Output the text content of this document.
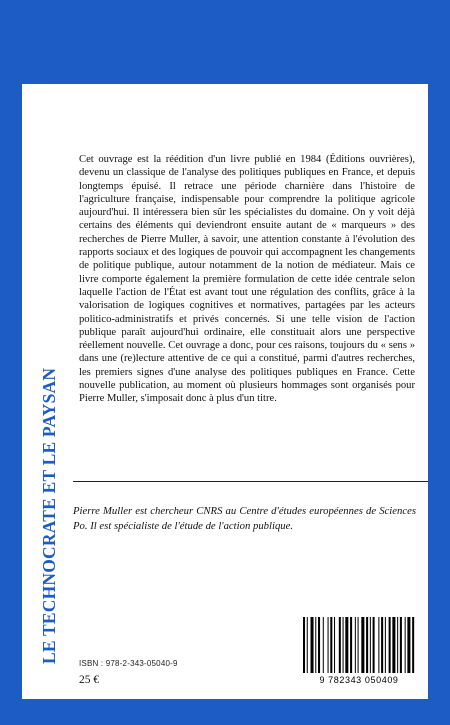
LE TECHNOCRATE ET LE PAYSAN

Cet ouvrage est la réédition d'un livre publié en 1984 (Éditions ouvrières), devenu un classique de l'analyse des politiques publiques en France, et depuis longtemps épuisé. Il retrace une période charnière dans l'histoire de l'agriculture française, indispensable pour comprendre la politique agricole aujourd'hui. Il intéressera bien sûr les spécialistes du domaine. On y voit déjà certains des éléments qui deviendront ensuite autant de « marqueurs » des recherches de Pierre Muller, à savoir, une attention constante à l'évolution des rapports sociaux et des logiques de pouvoir qui accompagnent les changements de politique publique, autour notamment de la notion de médiateur. Mais ce livre comporte également la première formulation de cette idée centrale selon laquelle l'action de l'État est avant tout une régulation des conflits, grâce à la valorisation de logiques cognitives et normatives, partagées par les acteurs politico-administratifs et privés concernés. Si une telle vision de l'action publique paraît aujourd'hui ordinaire, elle constituait alors une perspective réellement nouvelle. Cet ouvrage a donc, pour ces raisons, toujours du « sens » dans une (re)lecture attentive de ce qui a constitué, parmi d'autres recherches, les premiers signes d'une analyse des politiques publiques en France. Cette nouvelle publication, au moment où plusieurs hommages sont organisés pour Pierre Muller, s'imposait donc à plus d'un titre.

Pierre Muller est chercheur CNRS au Centre d'études européennes de Sciences Po. Il est spécialiste de l'étude de l'action publique.

ISBN : 978-2-343-05040-9
25 €	9 782343 050409
